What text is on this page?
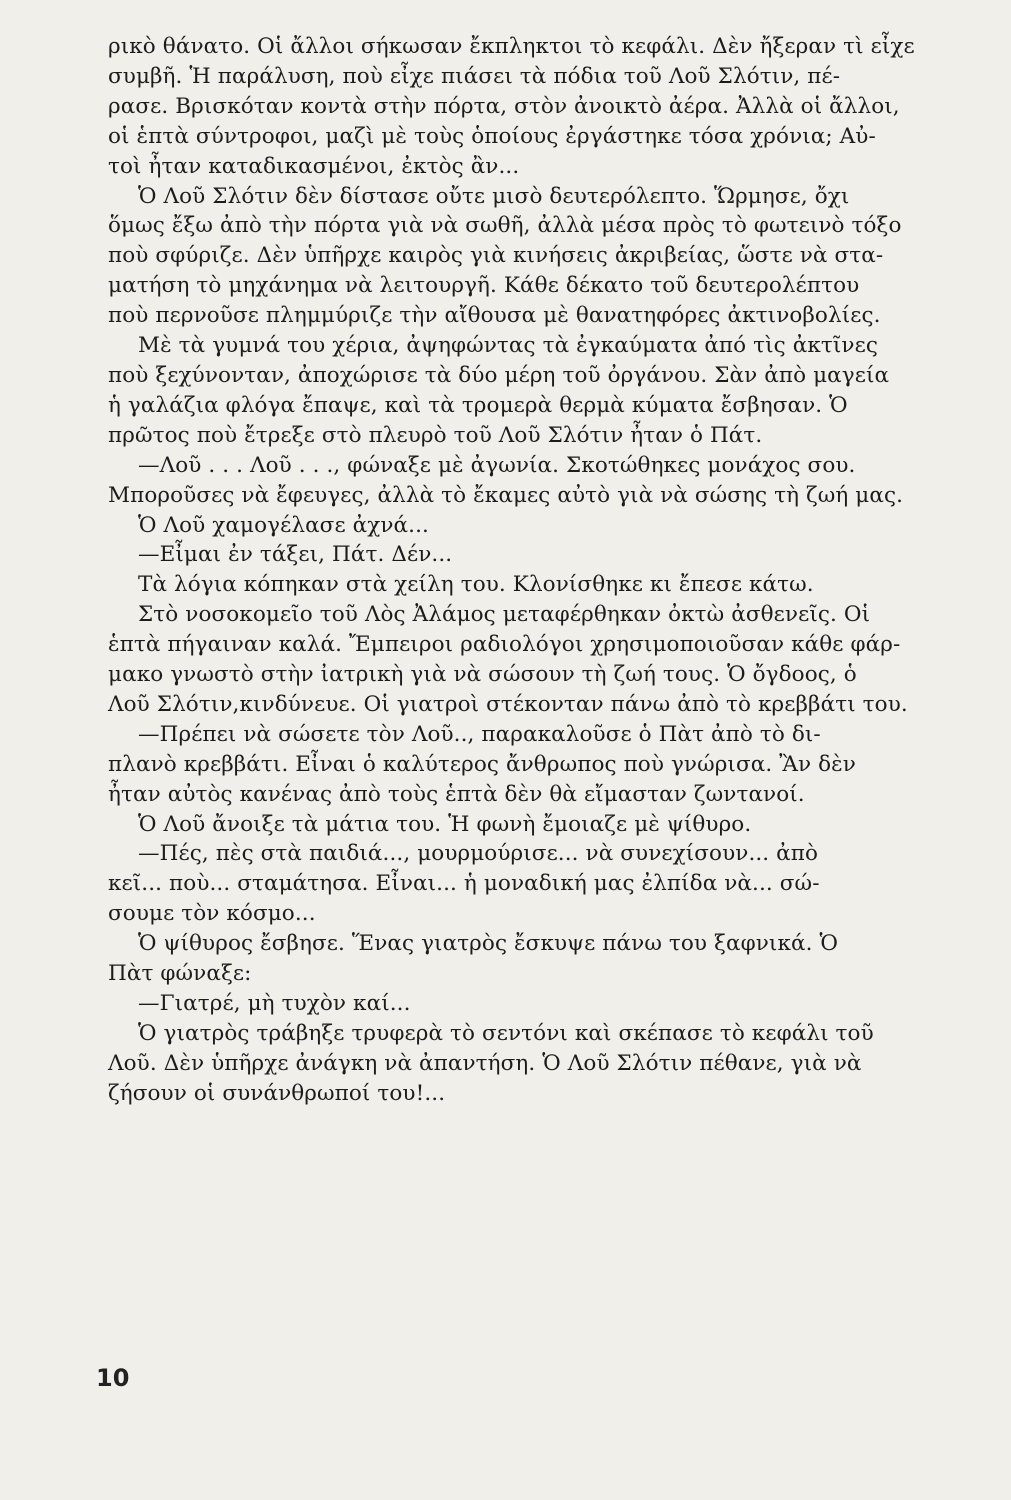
ρικὸ θάνατο. Οἱ ἄλλοι σήκωσαν ἔκπληκτοι τὸ κεφάλι. Δὲν ἤξεραν τὶ εἶχε
συμβῆ. Ἡ παράλυση, ποὺ εἶχε πιάσει τὰ πόδια τοῦ Λοῦ Σλότιν, πέ-
ρασε. Βρισκόταν κοντὰ στὴν πόρτα, στὸν ἀνοικτὸ ἀέρα. Ἀλλὰ οἱ ἄλλοι,
οἱ ἑπτὰ σύντροφοι, μαζὶ μὲ τοὺς ὁποίους ἐργάστηκε τόσα χρόνια; Αὐ-
τοὶ ἦταν καταδικασμένοι, ἐκτὸς ἂν...
Ὁ Λοῦ Σλότιν δὲν δίστασε οὔτε μισὸ δευτερόλεπτο. Ὥρμησε, ὄχι
ὅμως ἔξω ἀπὸ τὴν πόρτα γιὰ νὰ σωθῆ, ἀλλὰ μέσα πρὸς τὸ φωτεινὸ τόξο
ποὺ σφύριζε. Δὲν ὑπῆρχε καιρὸς γιὰ κινήσεις ἀκριβείας, ὥστε νὰ στα-
ματήση τὸ μηχάνημα νὰ λειτουργῆ. Κάθε δέκατο τοῦ δευτερολέπτου
ποὺ περνοῦσε πλημμύριζε τὴν αἴθουσα μὲ θανατηφόρες ἀκτινοβολίες.
Μὲ τὰ γυμνά του χέρια, ἀψηφώντας τὰ ἐγκαύματα ἀπό τὶς ἀκτῖνες
ποὺ ξεχύνονταν, ἀποχώρισε τὰ δύο μέρη τοῦ ὀργάνου. Σὰν ἀπὸ μαγεία
ἡ γαλάζια φλόγα ἔπαψε, καὶ τὰ τρομερὰ θερμὰ κύματα ἔσβησαν. Ὁ
πρῶτος ποὺ ἔτρεξε στὸ πλευρὸ τοῦ Λοῦ Σλότιν ἦταν ὁ Πάτ.
—Λοῦ . . . Λοῦ . . ., φώναξε μὲ ἀγωνία. Σκοτώθηκες μονάχος σου.
Μποροῦσες νὰ ἔφευγες, ἀλλὰ τὸ ἔκαμες αὐτὸ γιὰ νὰ σώσης τὴ ζωή μας.
Ὁ Λοῦ χαμογέλασε ἀχνά...
—Εἶμαι ἐν τάξει, Πάτ. Δέν...
Τὰ λόγια κόπηκαν στὰ χείλη του. Κλονίσθηκε κι ἔπεσε κάτω.
Στὸ νοσοκομεῖο τοῦ Λὸς Ἀλάμος μεταφέρθηκαν ὀκτὼ ἀσθενεῖς. Οἱ
ἑπτὰ πήγαιναν καλά. Ἔμπειροι ραδιολόγοι χρησιμοποιοῦσαν κάθε φάρ-
μακο γνωστὸ στὴν ἰατρικὴ γιὰ νὰ σώσουν τὴ ζωή τους. Ὁ ὄγδοος, ὁ
Λοῦ Σλότιν,κινδύνευε. Οἱ γιατροὶ στέκονταν πάνω ἀπὸ τὸ κρεββάτι του.
—Πρέπει νὰ σώσετε τὸν Λοῦ.., παρακαλοῦσε ὁ Πὰτ ἀπὸ τὸ δι-
πλανὸ κρεββάτι. Εἶναι ὁ καλύτερος ἄνθρωπος ποὺ γνώρισα. Ἂν δὲν
ἦταν αὐτὸς κανένας ἀπὸ τοὺς ἑπτὰ δὲν θὰ εἴμασταν ζωντανοί.
Ὁ Λοῦ ἄνοιξε τὰ μάτια του. Ἡ φωνὴ ἔμοιαζε μὲ ψίθυρο.
—Πές, πὲς στὰ παιδιά..., μουρμούρισε... νὰ συνεχίσουν... ἀπὸ
κεῖ... ποὺ... σταμάτησα. Εἶναι... ἡ μοναδική μας ἐλπίδα νὰ... σώ-
σουμε τὸν κόσμο...
Ὁ ψίθυρος ἔσβησε. Ἕνας γιατρὸς ἔσκυψε πάνω του ξαφνικά. Ὁ
Πὰτ φώναξε:
—Γιατρέ, μὴ τυχὸν καί...
Ὁ γιατρὸς τράβηξε τρυφερὰ τὸ σεντόνι καὶ σκέπασε τὸ κεφάλι τοῦ
Λοῦ. Δὲν ὑπῆρχε ἀνάγκη νὰ ἀπαντήση. Ὁ Λοῦ Σλότιν πέθανε, γιὰ νὰ
ζήσουν οἱ συνάνθρωποί του!...
10
